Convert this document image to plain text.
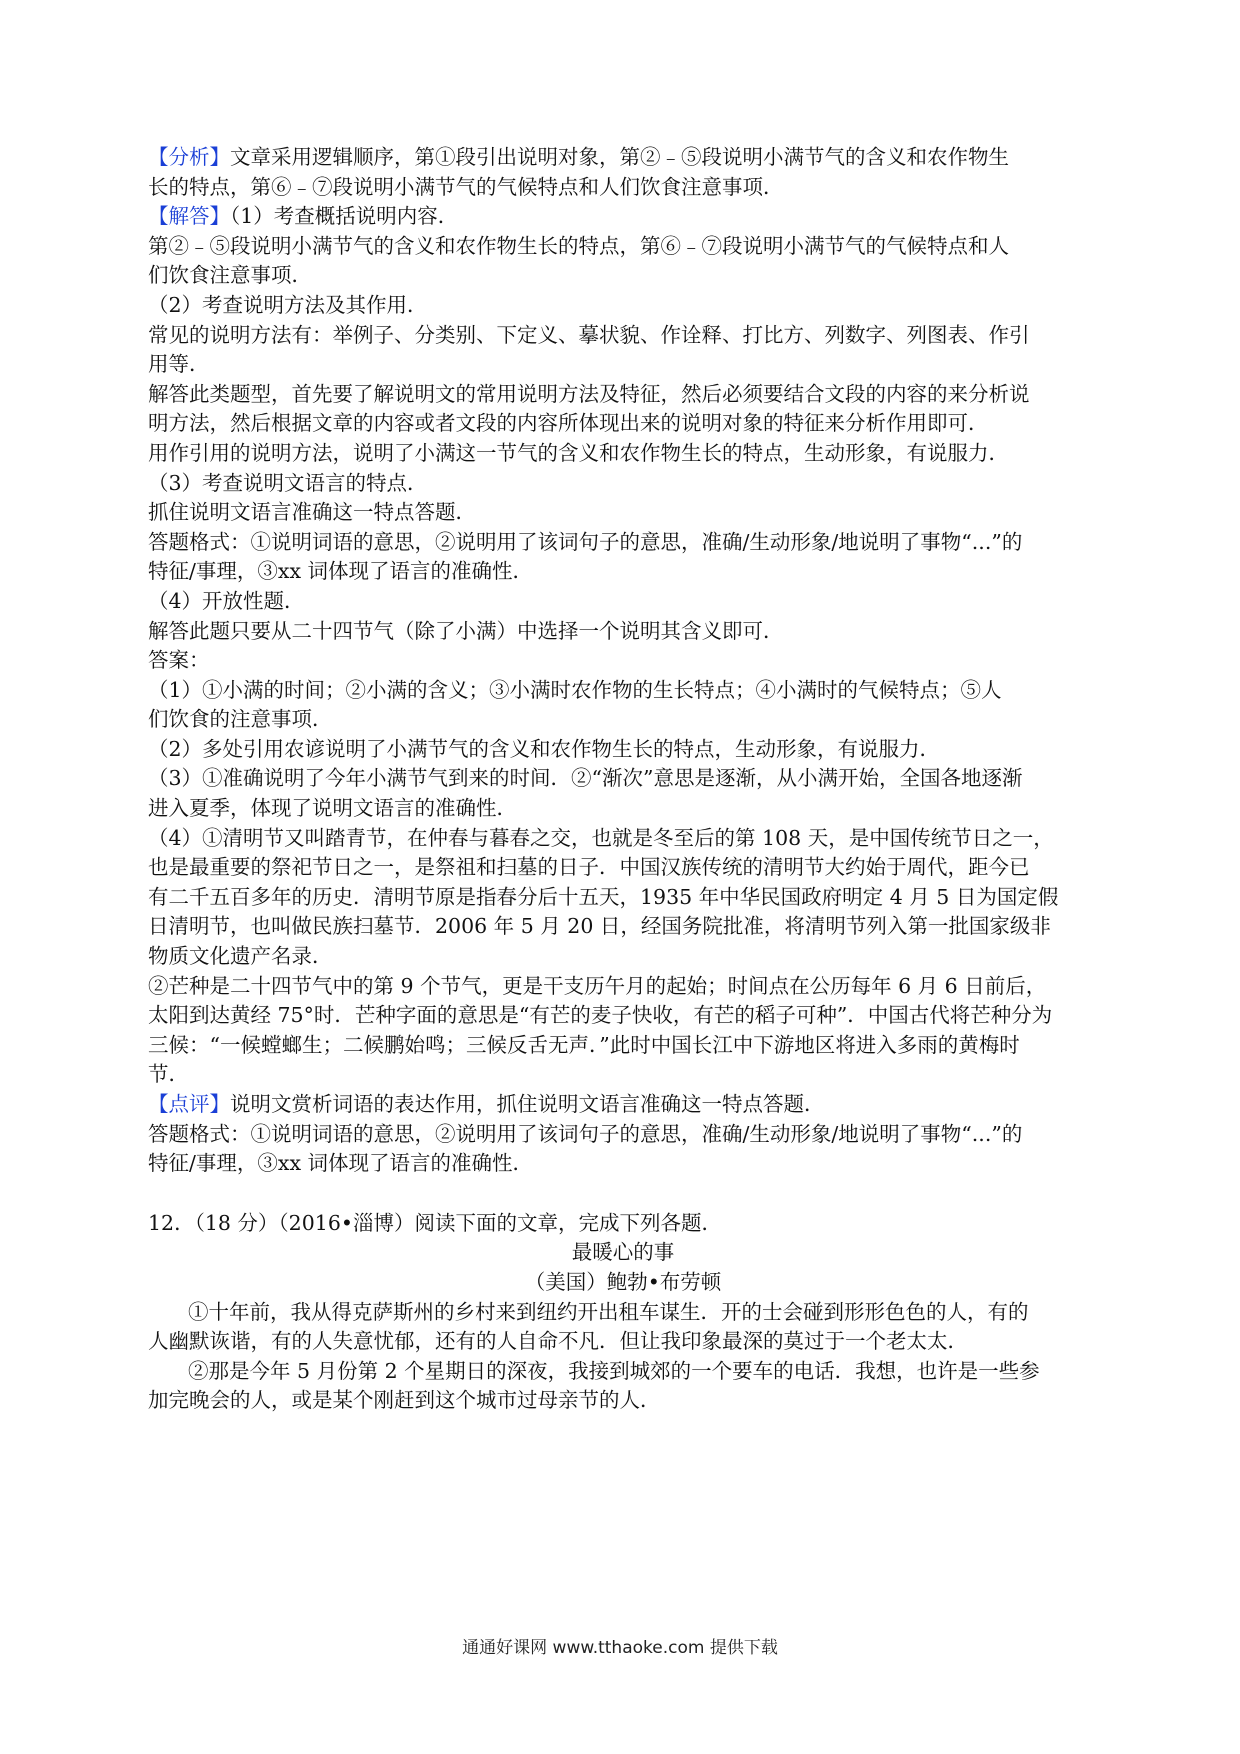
【分析】文章采用逻辑顺序，第①段引出说明对象，第②﹣⑤段说明小满节气的含义和农作物生

长的特点，第⑥﹣⑦段说明小满节气的气候特点和人们饮食注意事项．

【解答】（1）考查概括说明内容．

第②﹣⑤段说明小满节气的含义和农作物生长的特点，第⑥﹣⑦段说明小满节气的气候特点和人

们饮食注意事项．

（2）考查说明方法及其作用．

常见的说明方法有：举例子、分类别、下定义、摹状貌、作诠释、打比方、列数字、列图表、作引

用等．

解答此类题型，首先要了解说明文的常用说明方法及特征，然后必须要结合文段的内容的来分析说

明方法，然后根据文章的内容或者文段的内容所体现出来的说明对象的特征来分析作用即可．

用作引用的说明方法，说明了小满这一节气的含义和农作物生长的特点，生动形象，有说服力．

（3）考查说明文语言的特点．

抓住说明文语言准确这一特点答题．

答题格式：①说明词语的意思，②说明用了该词句子的意思，准确/生动形象/地说明了事物“...”的

特征/事理，③xx 词体现了语言的准确性．

（4）开放性题．

解答此题只要从二十四节气（除了小满）中选择一个说明其含义即可．

答案：

（1）①小满的时间；②小满的含义；③小满时农作物的生长特点；④小满时的气候特点；⑤人

们饮食的注意事项．

（2）多处引用农谚说明了小满节气的含义和农作物生长的特点，生动形象，有说服力．

（3）①准确说明了今年小满节气到来的时间．②“渐次”意思是逐渐，从小满开始，全国各地逐渐

进入夏季，体现了说明文语言的准确性．

（4）①清明节又叫踏青节，在仲春与暮春之交，也就是冬至后的第 108 天，是中国传统节日之一，

也是最重要的祭祀节日之一，是祭祖和扫墓的日子．中国汉族传统的清明节大约始于周代，距今已

有二千五百多年的历史．清明节原是指春分后十五天，1935 年中华民国政府明定 4 月 5 日为国定假

日清明节，也叫做民族扫墓节．2006 年 5 月 20 日，经国务院批准，将清明节列入第一批国家级非

物质文化遗产名录．

②芒种是二十四节气中的第 9 个节气，更是干支历午月的起始；时间点在公历每年 6 月 6 日前后，

太阳到达黄经 75°时．芒种字面的意思是“有芒的麦子快收，有芒的稻子可种”．中国古代将芒种分为

三候：“一候螳螂生；二候鹏始鸣；三候反舌无声．”此时中国长江中下游地区将进入多雨的黄梅时

节．

【点评】说明文赏析词语的表达作用，抓住说明文语言准确这一特点答题．

答题格式：①说明词语的意思，②说明用了该词句子的意思，准确/生动形象/地说明了事物“...”的

特征/事理，③xx 词体现了语言的准确性．

12．（18 分）（2016•淄博）阅读下面的文章，完成下列各题．

最暖心的事

（美国）鲍勃•布劳顿

①十年前，我从得克萨斯州的乡村来到纽约开出租车谋生．开的士会碰到形形色色的人，有的

人幽默诙谐，有的人失意忧郁，还有的人自命不凡．但让我印象最深的莫过于一个老太太．

②那是今年 5 月份第 2 个星期日的深夜，我接到城郊的一个要车的电话．我想，也许是一些参

加完晚会的人，或是某个刚赶到这个城市过母亲节的人．

通通好课网 www.tthaoke.com 提供下载
